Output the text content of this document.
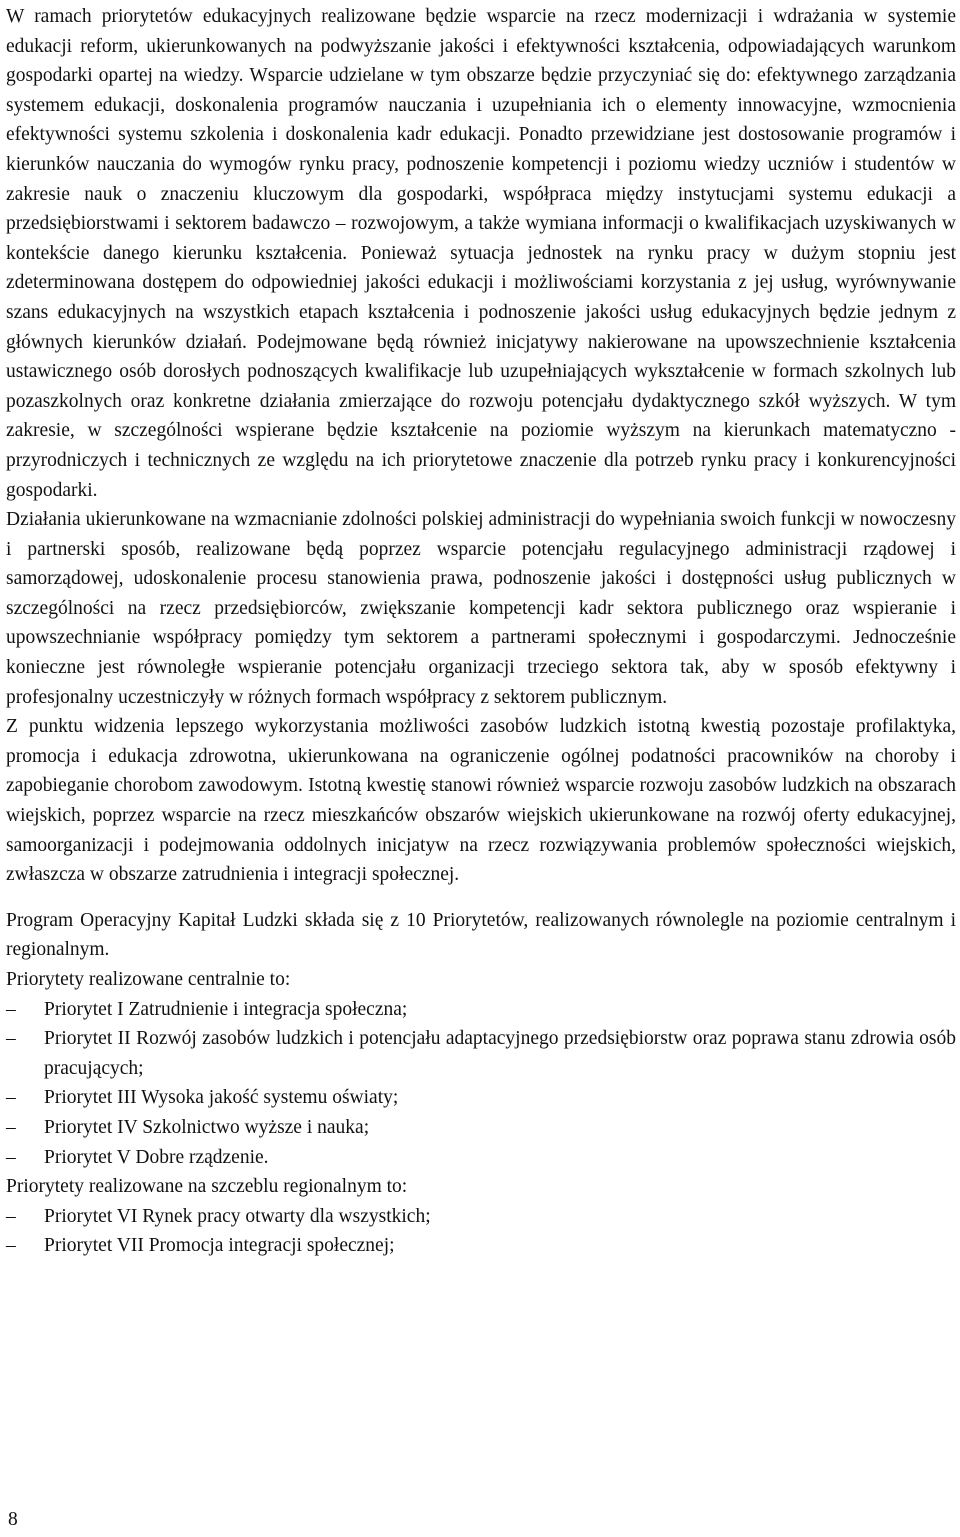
W ramach priorytetów edukacyjnych realizowane będzie wsparcie na rzecz modernizacji i wdrażania w systemie edukacji reform, ukierunkowanych na podwyższanie jakości i efektywności kształcenia, odpowiadających warunkom gospodarki opartej na wiedzy. Wsparcie udzielane w tym obszarze będzie przyczyniać się do: efektywnego zarządzania systemem edukacji, doskonalenia programów nauczania i uzupełniania ich o elementy innowacyjne, wzmocnienia efektywności systemu szkolenia i doskonalenia kadr edukacji. Ponadto przewidziane jest dostosowanie programów i kierunków nauczania do wymogów rynku pracy, podnoszenie kompetencji i poziomu wiedzy uczniów i studentów w zakresie nauk o znaczeniu kluczowym dla gospodarki, współpraca między instytucjami systemu edukacji a przedsiębiorstwami i sektorem badawczo – rozwojowym, a także wymiana informacji o kwalifikacjach uzyskiwanych w kontekście danego kierunku kształcenia. Ponieważ sytuacja jednostek na rynku pracy w dużym stopniu jest zdeterminowana dostępem do odpowiedniej jakości edukacji i możliwościami korzystania z jej usług, wyrównywanie szans edukacyjnych na wszystkich etapach kształcenia i podnoszenie jakości usług edukacyjnych będzie jednym z głównych kierunków działań. Podejmowane będą również inicjatywy nakierowane na upowszechnienie kształcenia ustawicznego osób dorosłych podnoszących kwalifikacje lub uzupełniających wykształcenie w formach szkolnych lub pozaszkolnych oraz konkretne działania zmierzające do rozwoju potencjału dydaktycznego szkół wyższych. W tym zakresie, w szczególności wspierane będzie kształcenie na poziomie wyższym na kierunkach matematyczno - przyrodniczych i technicznych ze względu na ich priorytetowe znaczenie dla potrzeb rynku pracy i konkurencyjności gospodarki.

Działania ukierunkowane na wzmacnianie zdolności polskiej administracji do wypełniania swoich funkcji w nowoczesny i partnerski sposób, realizowane będą poprzez wsparcie potencjału regulacyjnego administracji rządowej i samorządowej, udoskonalenie procesu stanowienia prawa, podnoszenie jakości i dostępności usług publicznych w szczególności na rzecz przedsiębiorców, zwiększanie kompetencji kadr sektora publicznego oraz wspieranie i upowszechnianie współpracy pomiędzy tym sektorem a partnerami społecznymi i gospodarczymi. Jednocześnie konieczne jest równoległe wspieranie potencjału organizacji trzeciego sektora tak, aby w sposób efektywny i profesjonalny uczestniczyły w różnych formach współpracy z sektorem publicznym.

Z punktu widzenia lepszego wykorzystania możliwości zasobów ludzkich istotną kwestią pozostaje profilaktyka, promocja i edukacja zdrowotna, ukierunkowana na ograniczenie ogólnej podatności pracowników na choroby i zapobieganie chorobom zawodowym. Istotną kwestię stanowi również wsparcie rozwoju zasobów ludzkich na obszarach wiejskich, poprzez wsparcie na rzecz mieszkańców obszarów wiejskich ukierunkowane na rozwój oferty edukacyjnej, samoorganizacji i podejmowania oddolnych inicjatyw na rzecz rozwiązywania problemów społeczności wiejskich, zwłaszcza w obszarze zatrudnienia i integracji społecznej.

Program Operacyjny Kapitał Ludzki składa się z 10 Priorytetów, realizowanych równolegle na poziomie centralnym i regionalnym.

Priorytety realizowane centralnie to:

– Priorytet I Zatrudnienie i integracja społeczna;
– Priorytet II Rozwój zasobów ludzkich i potencjału adaptacyjnego przedsiębiorstw oraz poprawa stanu zdrowia osób pracujących;
– Priorytet III Wysoka jakość systemu oświaty;
– Priorytet IV Szkolnictwo wyższe i nauka;
– Priorytet V Dobre rządzenie.

Priorytety realizowane na szczeblu regionalnym to:

– Priorytet VI Rynek pracy otwarty dla wszystkich;
– Priorytet VII Promocja integracji społecznej;
8
